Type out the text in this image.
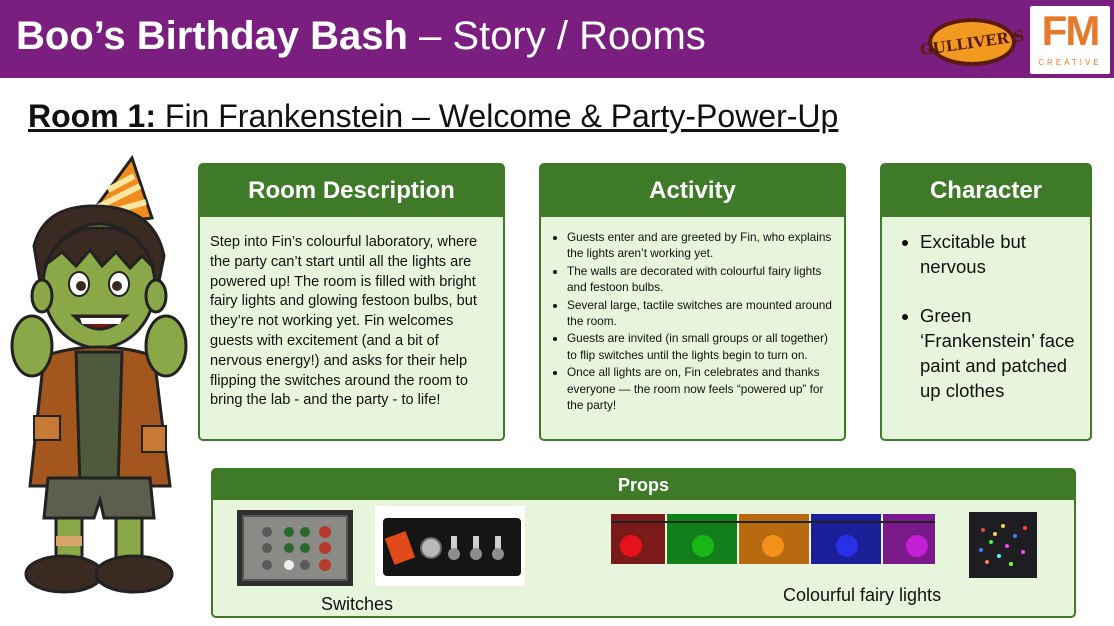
Boo’s Birthday Bash – Story / Rooms	GULLIVER'S FM
CREATIVE
Room 1: Fin Frankenstein – Welcome & Party-Power-Up
Room Description
Step into Fin’s colourful laboratory, where the party can’t start until all the lights are powered up! The room is filled with bright fairy lights and glowing festoon bulbs, but they’re not working yet. Fin welcomes guests with excitement (and a bit of nervous energy!) and asks for their help flipping the switches around the room to bring the lab - and the party - to life!
Activity
• Guests enter and are greeted by Fin, who explains the lights aren’t working yet.
• The walls are decorated with colourful fairy lights and festoon bulbs.
• Several large, tactile switches are mounted around the room.
• Guests are invited (in small groups or all together) to flip switches until the lights begin to turn on.
• Once all lights are on, Fin celebrates and thanks everyone — the room now feels “powered up” for the party!
Character
• Excitable but nervous
• Green ‘Frankenstein’ face paint and patched up clothes
Props
Switches	Colourful fairy lights
